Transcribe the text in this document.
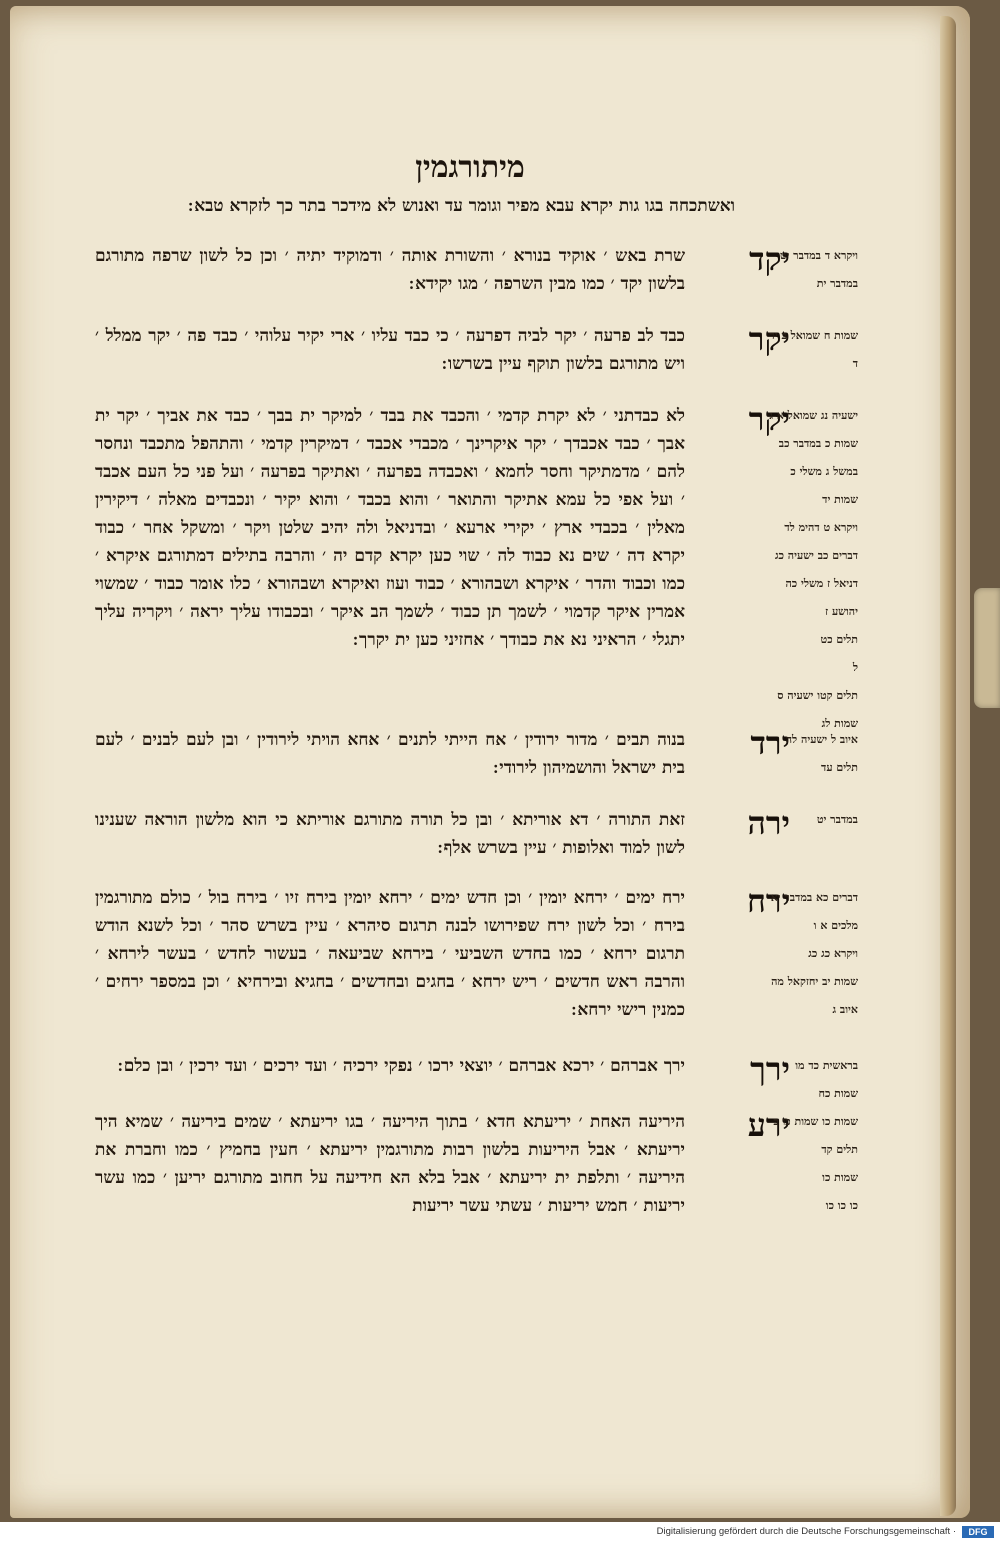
מיתורגמין
ואשתכחה בגו גות יקרא עבא מפיר וגומר עד ואנוש לא מידכר בתר כך לזקרא טבא ׃
יקד
שרת באש ׳ אוקיד בנורא ׳ והשורת אותה ׳ ודמוקיד יתיה ׳ וכן כל לשון שרפה מתורגם בלשון יקד ׳ כמו מבין השרפה ׳ מגו יקידא ׃
ויקרא ד במדבר יט
במדבר ית
יקר
כבד לב פרעה ׳ יקר לביה דפרעה ׳ כי כבד עליו ׳ ארי יקיר עלוהי ׳ כבד פה ׳ יקר ממלל ׳ ויש מתורגם בלשון תוקף עיין בשרשו ׃
שמות ח שמואל ב יד
ד
יקר
לא כבדתני ׳ לא יקרת קדמי ׳ והכבד את בבד ׳ למיקר ית בבך ׳ כבד את אביך ׳ יקר ית אבך ׳ כבד אכבדך ׳ יקר איקרינך ׳ מכבדי אכבד ׳ דמיקרין קדמי ׳ והתהפל מתכבד ונחסר להם ׳ מדמתיקר וחסר לחמא ׳ ואכבדה בפרעה ׳ ואתיקר בפרעה ׳ ועל פני כל העם אכבד ׳ ועל אפי כל עמא אתיקר והתואר ׳ והוא בכבד ׳ והוא יקיר ׳ ונכבדים מאלה ׳ דיקירין מאלין ׳ בכבדי ארץ ׳ יקירי ארעא ׳ ובדניאל ולה יהיב שלטן ויקר ׳ ומשקל אחר ׳ כבוד יקרא דה ׳ שים נא כבוד לה ׳ שוי כען יקרא קדם יה ׳ והרבה בתילים דמתורגם איקרא ׳ כמו וכבוד והדר ׳ איקרא ושבהורא ׳ כבוד ועוז ואיקרא ושבהורא ׳ כלו אומר כבוד ׳ שמשוי אמרין איקר קדמוי ׳ לשמך תן כבוד ׳ לשמך הב איקר ׳ ובכבודו עליך יראה ׳ ויקריה עליך יתגלי ׳ הראיני נא את כבודך ׳ אחזיני כען ית יקרך ׃
ישעיה נג שמואל א ג
שמות כ במדבר כב
במשל ג משלי כ
שמות יד
ויקרא ט דהימ לד
דברים כב ישעיה כג
דניאל ז משלי כה
יהושע ז
תלים כט
ל
תלים קטו ישעיה ס
שמות לג
ירד
בנוה תבים ׳ מדור ירודין ׳ אח הייתי לתנים ׳ אחא הויתי לירודין ׳ ובן לעם לבנים ׳ לעם בית ישראל והושמיהון לירודי ׃
איוב ל ישעיה לה
תלים עד
ירה
זאת התורה ׳ דא אוריתא ׳ ובן כל תורה מתורגם אוריתא כי הוא מלשון הוראה שענינו לשון למוד ואלופות ׳ עיין בשרש אלף ׃
במדבר יט
ירח
ירח ימים ׳ ירחא יומין ׳ וכן חדש ימים ׳ ירחא יומין בירח זיו ׳ בירח בול ׳ כולם מתורגמין בירח ׳ וכל לשון ירח שפירושו לבנה תרגום סיהרא ׳ עיין בשרש סהר ׳ וכל לשנא הודש תרגום ירחא ׳ כמו בחדש השביעי ׳ בירחא שביעאה ׳ בעשור לחדש ׳ בעשר לירחא ׳ והרבה ראש חדשים ׳ ריש ירחא ׳ בחגים ובחדשים ׳ בחגיא ובירחיא ׳ וכן במספר ירחים ׳ כמנין רישי ירחא ׃
דברים כא במדבר יא
מלכים א ו
ויקרא כג כג
שמות יב יחזקאל מה
איוב ג
ירך
ירך אברהם ׳ ירכא אברהם ׳ יוצאי ירכו ׳ נפקי ירכיה ׳ ועד ירכים ׳ ועד ירכין ׳ ובן כלם ׃	בראשית כד מו
שמות כח
ירע
היריעה האחת ׳ יריעתא חדא ׳ בתוך היריעה ׳ בגו יריעתא ׳ שמים ביריעה ׳ שמיא היך יריעתא ׳ אבל היריעות בלשון רבות מתורגמין יריעתא ׳ חעין בחמיץ ׳ כמו וחברת את היריעה ׳ ותלפת ית יריעתא ׳ אבל בלא הא חידיעה על חחוב מתורגם יריען ׳ כמו עשר יריעות ׳ חמש יריעות ׳ עשתי עשר יריעות
שמות כו שמות כו ב
תלים קד
שמות כו
כו כו כו
Digitalisierung gefördert durch die Deutsche Forschungsgemeinschaft ·	DFG
